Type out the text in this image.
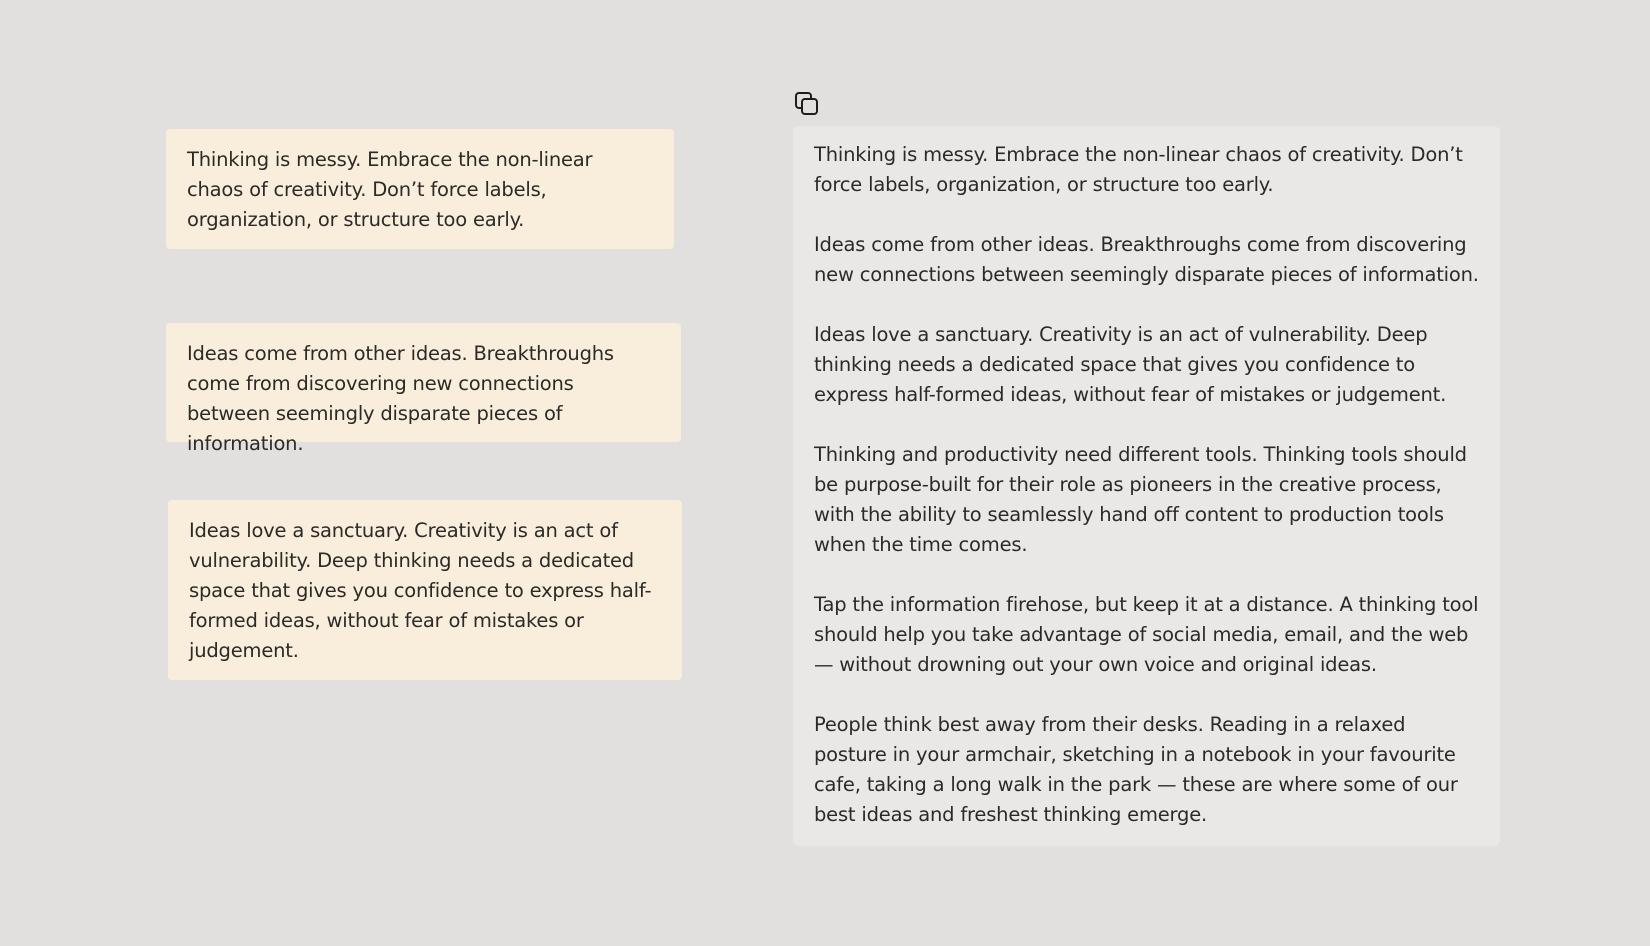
Thinking is messy. Embrace the non-linear chaos of creativity. Don’t force labels, organization, or structure too early.

Ideas come from other ideas. Breakthroughs come from discovering new connections between seemingly disparate pieces of information.

Ideas love a sanctuary. Creativity is an act of vulnerability. Deep thinking needs a dedicated space that gives you confidence to express half-formed ideas, without fear of mistakes or judgement.

Thinking is messy. Embrace the non-linear chaos of creativity. Don’t force labels, organization, or structure too early.

Ideas come from other ideas. Breakthroughs come from discovering new connections between seemingly disparate pieces of information.

Ideas love a sanctuary. Creativity is an act of vulnerability. Deep thinking needs a dedicated space that gives you confidence to express half-formed ideas, without fear of mistakes or judgement.

Thinking and productivity need different tools. Thinking tools should be purpose-built for their role as pioneers in the creative process, with the ability to seamlessly hand off content to production tools when the time comes.

Tap the information firehose, but keep it at a distance. A thinking tool should help you take advantage of social media, email, and the web — without drowning out your own voice and original ideas.

People think best away from their desks. Reading in a relaxed posture in your armchair, sketching in a notebook in your favourite cafe, taking a long walk in the park — these are where some of our best ideas and freshest thinking emerge.
